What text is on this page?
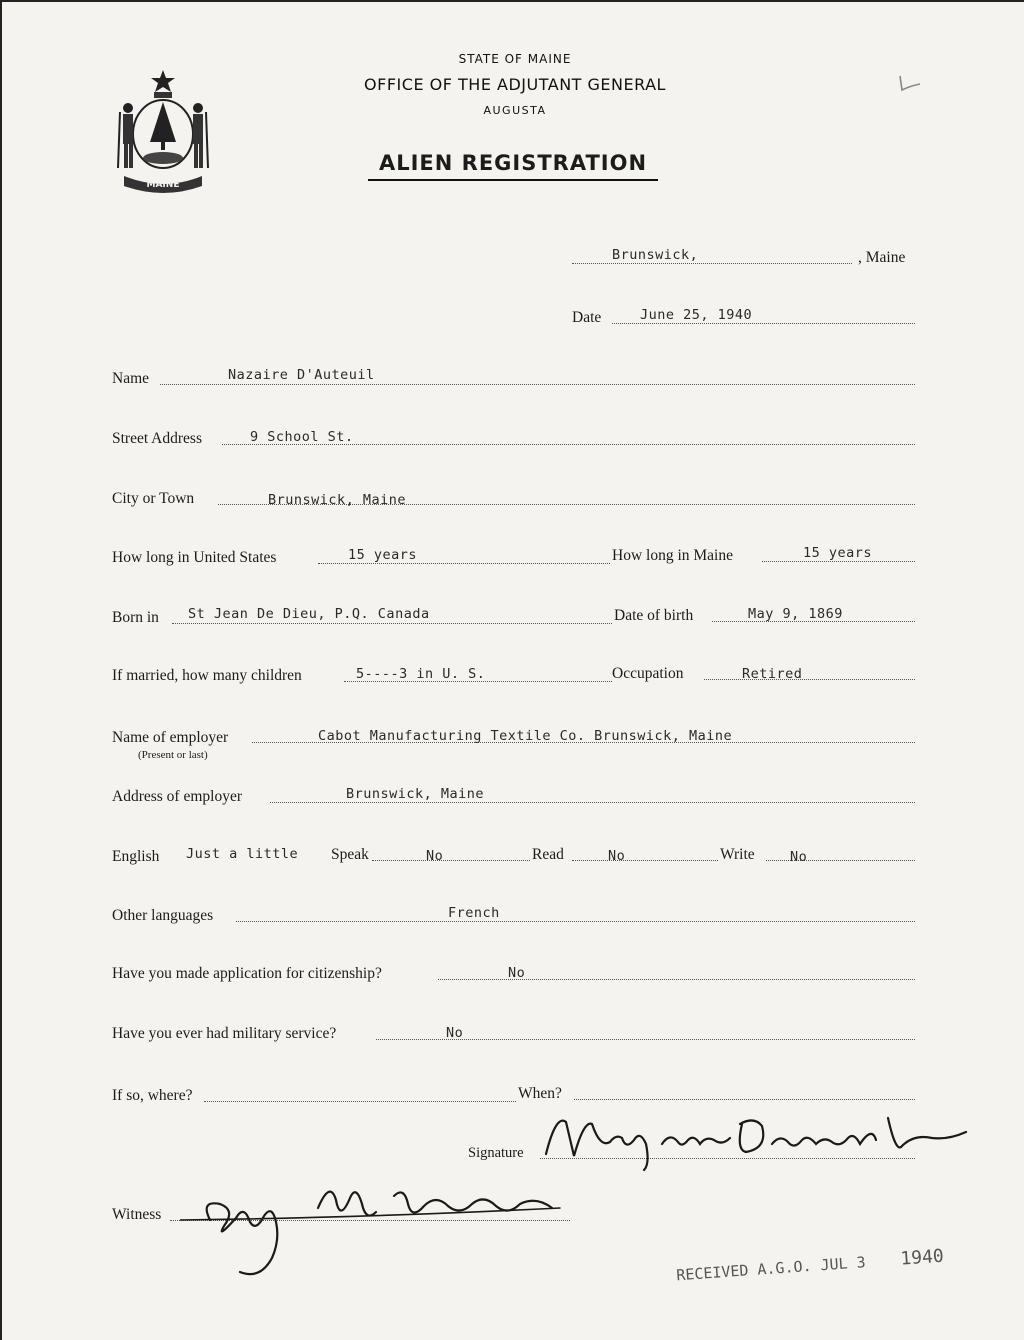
MAINE
STATE OF MAINE
OFFICE OF THE ADJUTANT GENERAL
AUGUSTA
ALIEN REGISTRATION
Brunswick,	, Maine
Date	June 25, 1940
Name	Nazaire D'Auteuil
Street Address	9 School St.
City or Town	Brunswick, Maine
How long in United States	15 years	How long in Maine	15 years
Born in St Jean De Dieu, P.Q. Canada	Date of birth	May 9, 1869
If married, how many children	5----3 in U. S.	Occupation	Retired
Name of employer
(Present or last)
Cabot Manufacturing Textile Co. Brunswick, Maine
Address of employer	Brunswick, Maine
English Just a little Speak	No	Read	No	Write	No
Other languages	French
Have you made application for citizenship?	No
Have you ever had military service?	No
If so, where?	When?
Signature
Witness
RECEIVED A.G.O. JUL 3 1940
